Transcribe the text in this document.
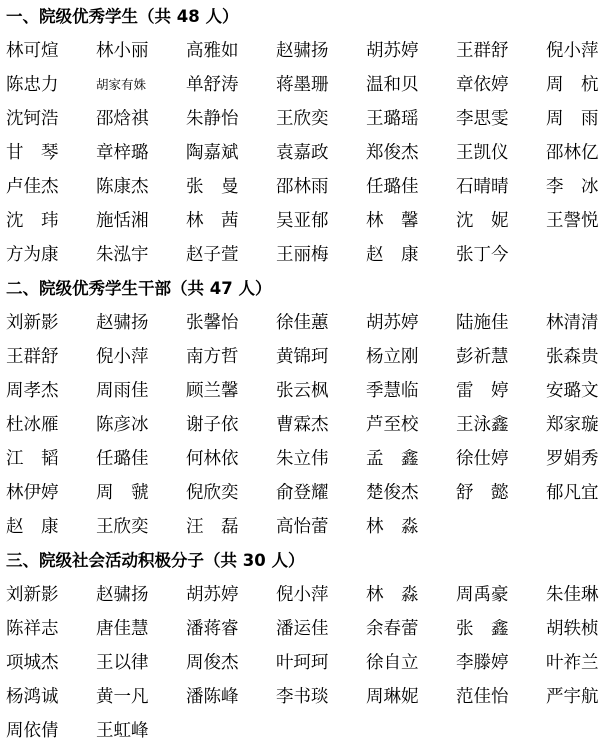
一、院级优秀学生（共 48 人）
林可煊	林小丽	高雅如	赵骕扬	胡苏婷	王群舒	倪小萍
陈忠力	胡家有姝	单舒涛	蒋墨珊	温和贝	章依婷	周　杭
沈钶浩	邵焓祺	朱静怡	王欣奕	王璐瑶	李思雯	周　雨
甘　琴	章梓璐	陶嘉斌	袁嘉政	郑俊杰	王凯仪	邵林亿
卢佳杰	陈康杰	张　曼	邵林雨	任璐佳	石晴晴	李　冰
沈　玮	施恬湘	林　茜	吴亚郁	林　馨	沈　妮	王謦悦
方为康	朱泓宇	赵子萱	王丽梅	赵　康	张丁今
二、院级优秀学生干部（共 47 人）
刘新影	赵骕扬	张馨怡	徐佳蕙	胡苏婷	陆施佳	林清清
王群舒	倪小萍	南方哲	黄锦珂	杨立刚	彭祈慧	张森贵
周孝杰	周雨佳	顾兰馨	张云枫	季慧临	雷　婷	安璐文
杜冰雁	陈彦冰	谢子依	曹霖杰	芦至校	王泳鑫	郑家璇
江　韬	任璐佳	何林依	朱立伟	孟　鑫	徐仕婷	罗娟秀
林伊婷	周　虢	倪欣奕	俞登耀	楚俊杰	舒　懿	郁凡宜
赵　康	王欣奕	汪　磊	高怡蕾	林　淼
三、院级社会活动积极分子（共 30 人）
刘新影	赵骕扬	胡苏婷	倪小萍	林　淼	周禹豪	朱佳琳
陈祥志	唐佳慧	潘蒋睿	潘运佳	余春蕾	张　鑫	胡轶桢
项城杰	王以律	周俊杰	叶珂珂	徐自立	李滕婷	叶祚兰
杨鸿诚	黄一凡	潘陈峰	李书琰	周琳妮	范佳怡	严宇航
周依倩	王虹峰
